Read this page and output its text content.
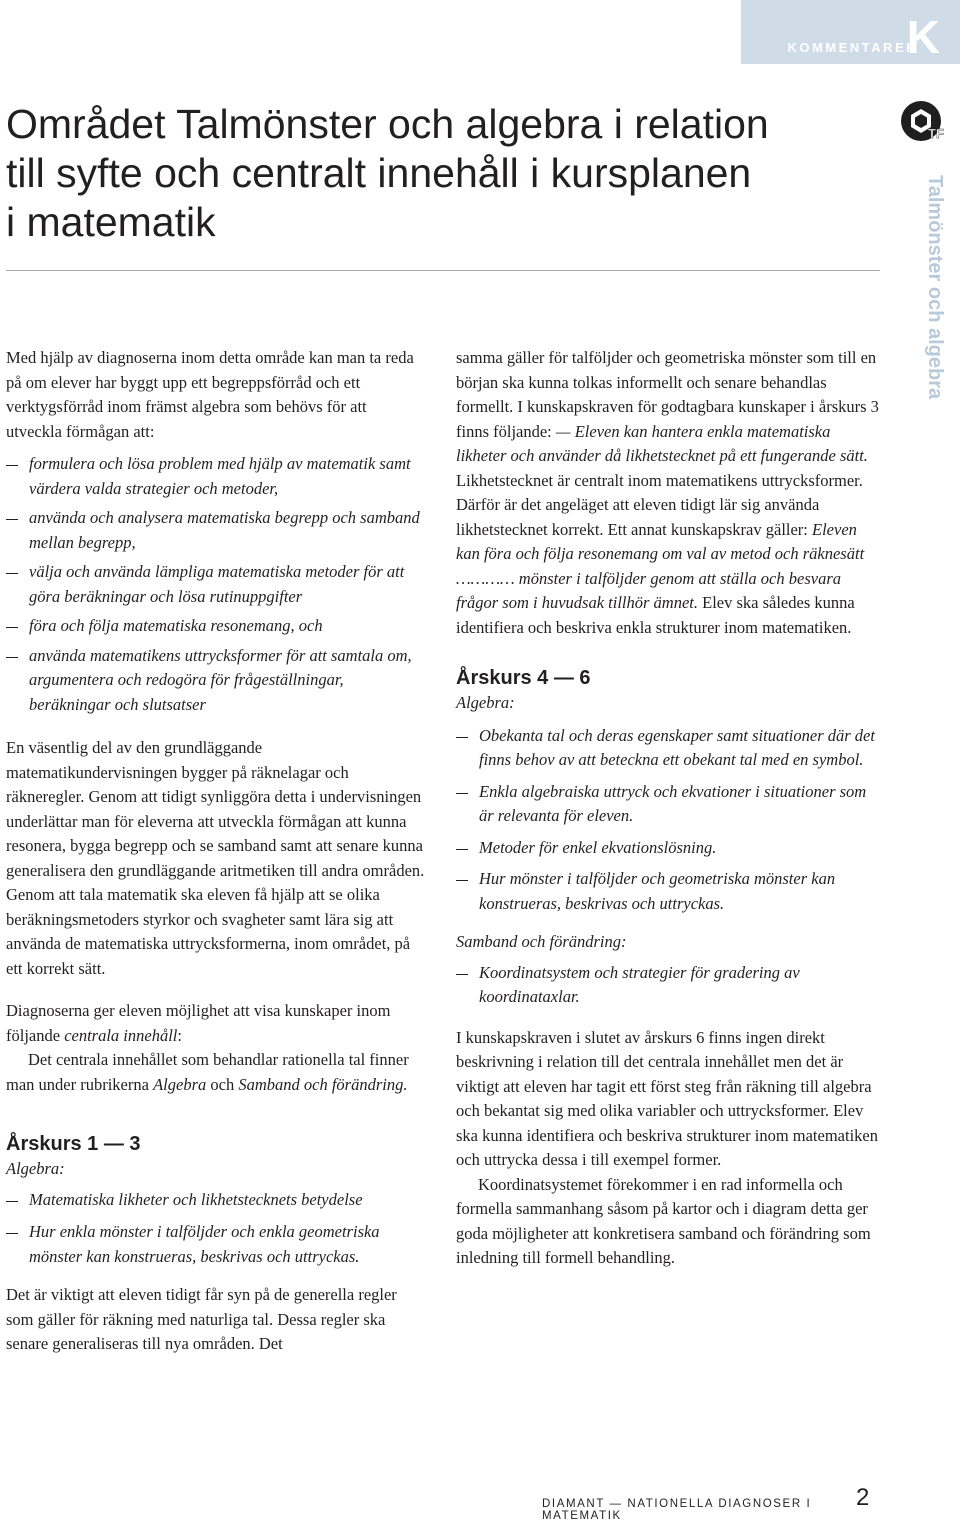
KOMMENTARER
K
Området Talmönster och algebra i relation
till syfte och centralt innehåll i kursplanen
i matematik
TF
Talmönster och algebra

Med hjälp av diagnoserna inom detta område kan man ta reda på om elever har byggt upp ett begreppsförråd och ett verktygsförråd inom främst algebra som behövs för att utveckla förmågan att:

formulera och lösa problem med hjälp av matematik samt värdera valda strategier och metoder,
använda och analysera matematiska begrepp och samband mellan begrepp,
välja och använda lämpliga matematiska metoder för att göra beräkningar och lösa rutinuppgifter
föra och följa matematiska resonemang, och
använda matematikens uttrycksformer för att samtala om, argumentera och redogöra för frågeställningar, beräkningar och slutsatser

En väsentlig del av den grundläggande matematikundervisningen bygger på räknelagar och räkneregler. Genom att tidigt synliggöra detta i undervisningen underlättar man för eleverna att utveckla förmågan att kunna resonera, bygga begrepp och se samband samt att senare kunna generalisera den grundläggande aritmetiken till andra områden. Genom att tala matematik ska eleven få hjälp att se olika beräkningsmetoders styrkor och svagheter samt lära sig att använda de matematiska uttrycksformerna, inom området, på ett korrekt sätt.

Diagnoserna ger eleven möjlighet att visa kunskaper inom följande centrala innehåll:

Det centrala innehållet som behandlar rationella tal finner man under rubrikerna Algebra och Samband och förändring.

Årskurs 1 — 3

Algebra:

Matematiska likheter och likhetstecknets betydelse
Hur enkla mönster i talföljder och enkla geometriska mönster kan konstrueras, beskrivas och uttryckas.

Det är viktigt att eleven tidigt får syn på de generella regler som gäller för räkning med naturliga tal. Dessa regler ska senare generaliseras till nya områden. Det

samma gäller för talföljder och geometriska mönster som till en början ska kunna tolkas informellt och senare behandlas formellt. I kunskapskraven för godtagbara kunskaper i årskurs 3 finns följande: — Eleven kan hantera enkla matematiska likheter och använder då likhetstecknet på ett fungerande sätt. Likhetstecknet är centralt inom matematikens uttrycksformer. Därför är det angeläget att eleven tidigt lär sig använda likhetstecknet korrekt. Ett annat kunskapskrav gäller: Eleven kan föra och följa resonemang om val av metod och räknesätt ………… mönster i talföljder genom att ställa och besvara frågor som i huvudsak tillhör ämnet. Elev ska således kunna identifiera och beskriva enkla strukturer inom matematiken.

Årskurs 4 — 6

Algebra:

Obekanta tal och deras egenskaper samt situationer där det finns behov av att beteckna ett obekant tal med en symbol.
Enkla algebraiska uttryck och ekvationer i situationer som är relevanta för eleven.
Metoder för enkel ekvationslösning.
Hur mönster i talföljder och geometriska mönster kan konstrueras, beskrivas och uttryckas.

Samband och förändring:

Koordinatsystem och strategier för gradering av koordinataxlar.

I kunskapskraven i slutet av årskurs 6 finns ingen direkt beskrivning i relation till det centrala innehållet men det är viktigt att eleven har tagit ett först steg från räkning till algebra och bekantat sig med olika variabler och uttrycksformer. Elev ska kunna identifiera och beskriva strukturer inom matematiken och uttrycka dessa i till exempel former.

Koordinatsystemet förekommer i en rad informella och formella sammanhang såsom på kartor och i diagram detta ger goda möjligheter att konkretisera samband och förändring som inledning till formell behandling.

DIAMANT — NATIONELLA DIAGNOSER I MATEMATIK
2
